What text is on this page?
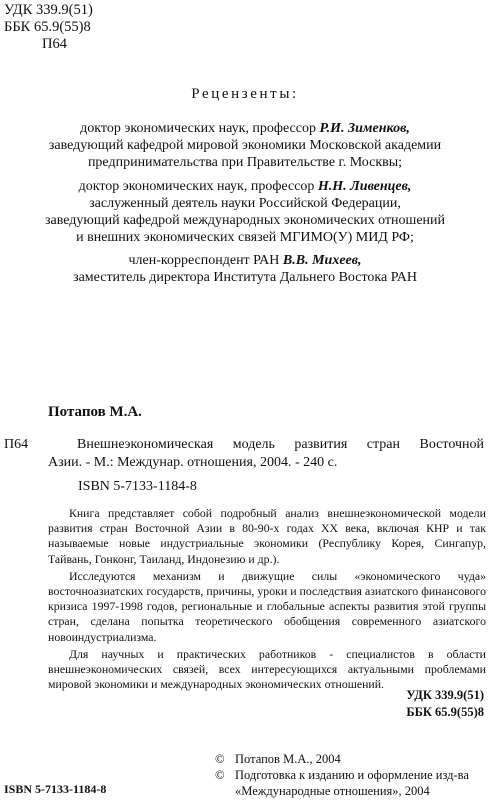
УДК 339.9(51)
ББК 65.9(55)8
П64
Рецензенты:
доктор экономических наук, профессор Р.И. Зименков,
заведующий кафедрой мировой экономики Московской академии
предпринимательства при Правительстве г. Москвы;
доктор экономических наук, профессор Н.Н. Ливенцев,
заслуженный деятель науки Российской Федерации,
заведующий кафедрой международных экономических отношений
и внешних экономических связей МГИМО(У) МИД РФ;
член-корреспондент РАН В.В. Михеев,
заместитель директора Института Дальнего Востока РАН
Потапов М.А.
П64	Внешнеэкономическая модель развития стран Восточной
Азии. - М.: Междунар. отношения, 2004. - 240 с.
ISBN 5-7133-1184-8

Книга представляет собой подробный анализ внешнеэкономической модели развития стран Восточной Азии в 80-90-х годах XX века, включая КНР и так называемые новые индустриальные экономики (Республику Корея, Сингапур, Тайвань, Гонконг, Таиланд, Индонезию и др.).

Исследуются механизм и движущие силы «экономического чуда» восточноазиатских государств, причины, уроки и последствия азиатского финансового кризиса 1997-1998 годов, региональные и глобальные аспекты развития этой группы стран, сделана попытка теоретического обобщения современного азиатского новоиндустриализма.

Для научных и практических работников - специалистов в области внешнеэкономических связей, всех интересующихся актуальными проблемами мировой экономики и международных экономических отношений.

УДК 339.9(51)
ББК 65.9(55)8
© Потапов М.А., 2004
© Подготовка к изданию и оформление изд-ва
«Международные отношения», 2004
ISBN 5-7133-1184-8
